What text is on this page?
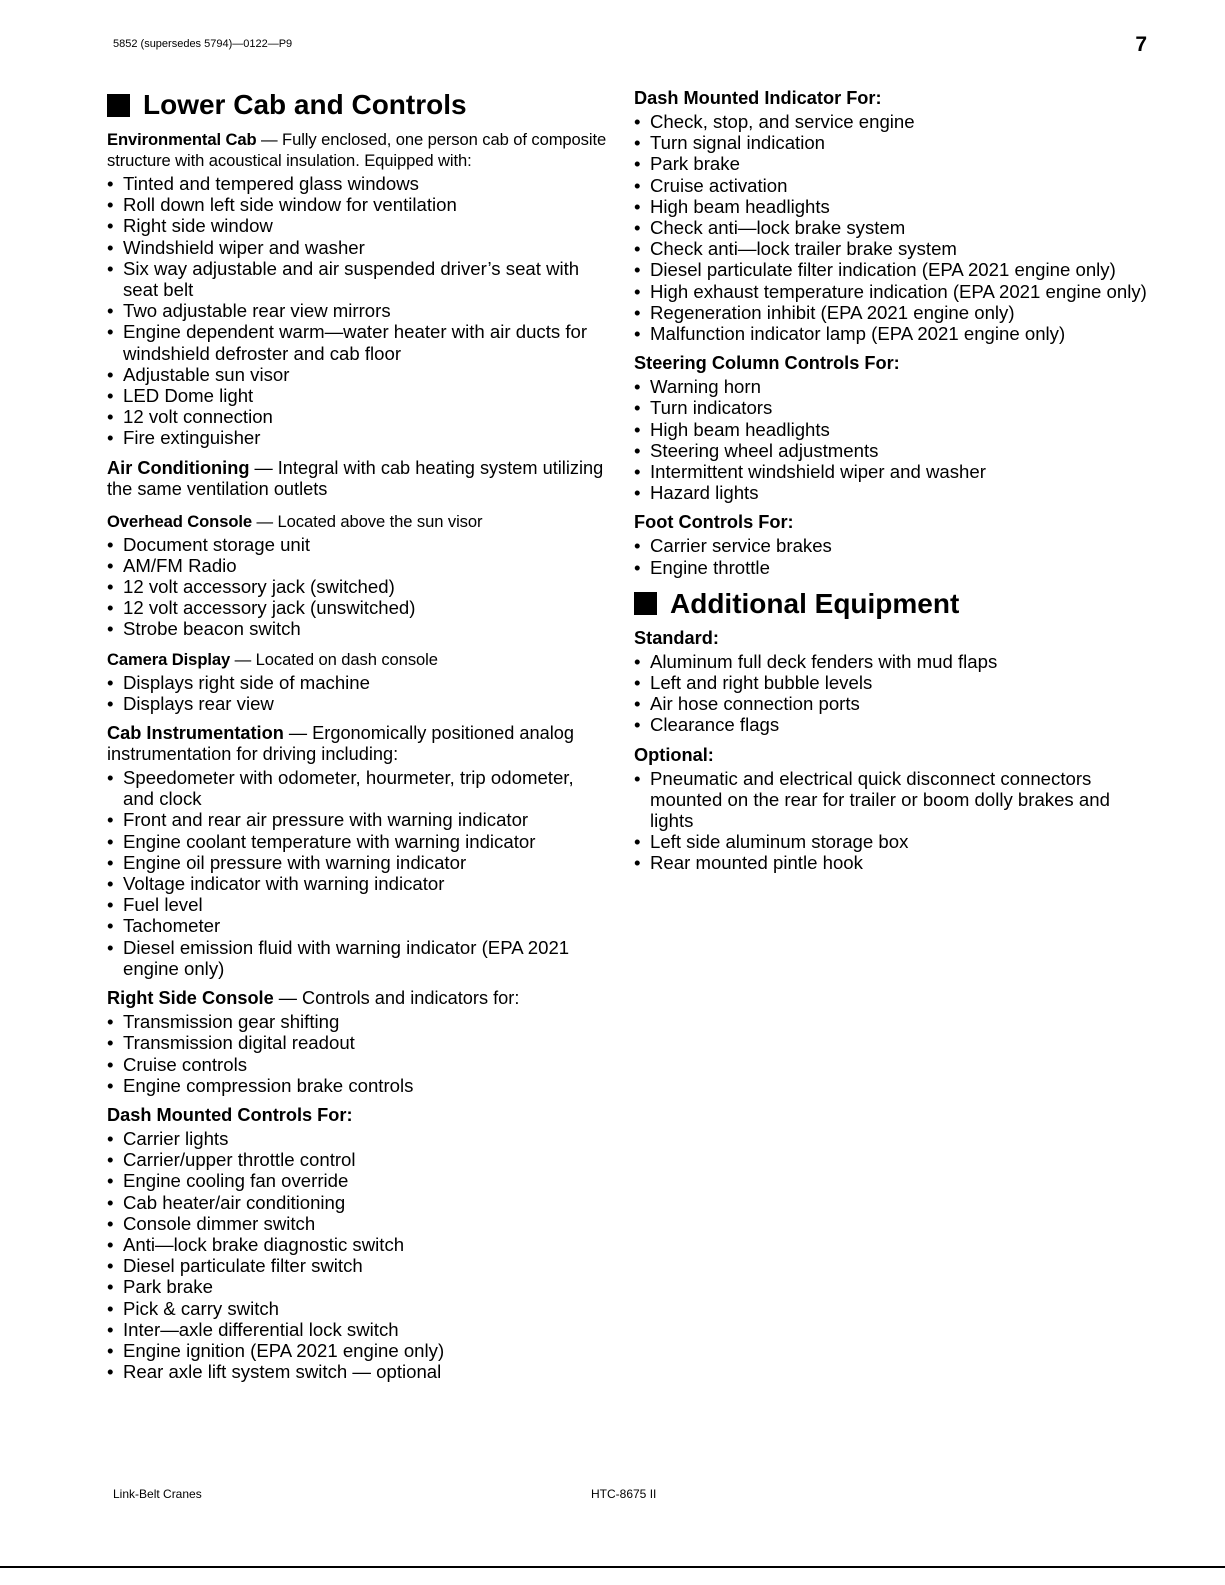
5852 (supersedes 5794)—0122—P9	7
Lower Cab and Controls
Environmental Cab — Fully enclosed, one person cab of composite structure with acoustical insulation. Equipped with:
• Tinted and tempered glass windows
• Roll down left side window for ventilation
• Right side window
• Windshield wiper and washer
• Six way adjustable and air suspended driver’s seat with seat belt
• Two adjustable rear view mirrors
• Engine dependent warm—water heater with air ducts for windshield defroster and cab floor
• Adjustable sun visor
• LED Dome light
• 12 volt connection
• Fire extinguisher
Air Conditioning — Integral with cab heating system utilizing the same ventilation outlets
Overhead Console — Located above the sun visor
• Document storage unit
• AM/FM Radio
• 12 volt accessory jack (switched)
• 12 volt accessory jack (unswitched)
• Strobe beacon switch
Camera Display — Located on dash console
• Displays right side of machine
• Displays rear view
Cab Instrumentation — Ergonomically positioned analog instrumentation for driving including:
• Speedometer with odometer, hourmeter, trip odometer, and clock
• Front and rear air pressure with warning indicator
• Engine coolant temperature with warning indicator
• Engine oil pressure with warning indicator
• Voltage indicator with warning indicator
• Fuel level
• Tachometer
• Diesel emission fluid with warning indicator (EPA 2021 engine only)
Right Side Console — Controls and indicators for:
• Transmission gear shifting
• Transmission digital readout
• Cruise controls
• Engine compression brake controls
Dash Mounted Controls For:
• Carrier lights
• Carrier/upper throttle control
• Engine cooling fan override
• Cab heater/air conditioning
• Console dimmer switch
• Anti—lock brake diagnostic switch
• Diesel particulate filter switch
• Park brake
• Pick & carry switch
• Inter—axle differential lock switch
• Engine ignition (EPA 2021 engine only)
• Rear axle lift system switch — optional
Dash Mounted Indicator For:
• Check, stop, and service engine
• Turn signal indication
• Park brake
• Cruise activation
• High beam headlights
• Check anti—lock brake system
• Check anti—lock trailer brake system
• Diesel particulate filter indication (EPA 2021 engine only)
• High exhaust temperature indication (EPA 2021 engine only)
• Regeneration inhibit (EPA 2021 engine only)
• Malfunction indicator lamp (EPA 2021 engine only)
Steering Column Controls For:
• Warning horn
• Turn indicators
• High beam headlights
• Steering wheel adjustments
• Intermittent windshield wiper and washer
• Hazard lights
Foot Controls For:
• Carrier service brakes
• Engine throttle
Additional Equipment
Standard:
• Aluminum full deck fenders with mud flaps
• Left and right bubble levels
• Air hose connection ports
• Clearance flags
Optional:
• Pneumatic and electrical quick disconnect connectors mounted on the rear for trailer or boom dolly brakes and lights
• Left side aluminum storage box
• Rear mounted pintle hook
Link-Belt Cranes	HTC-8675 II
